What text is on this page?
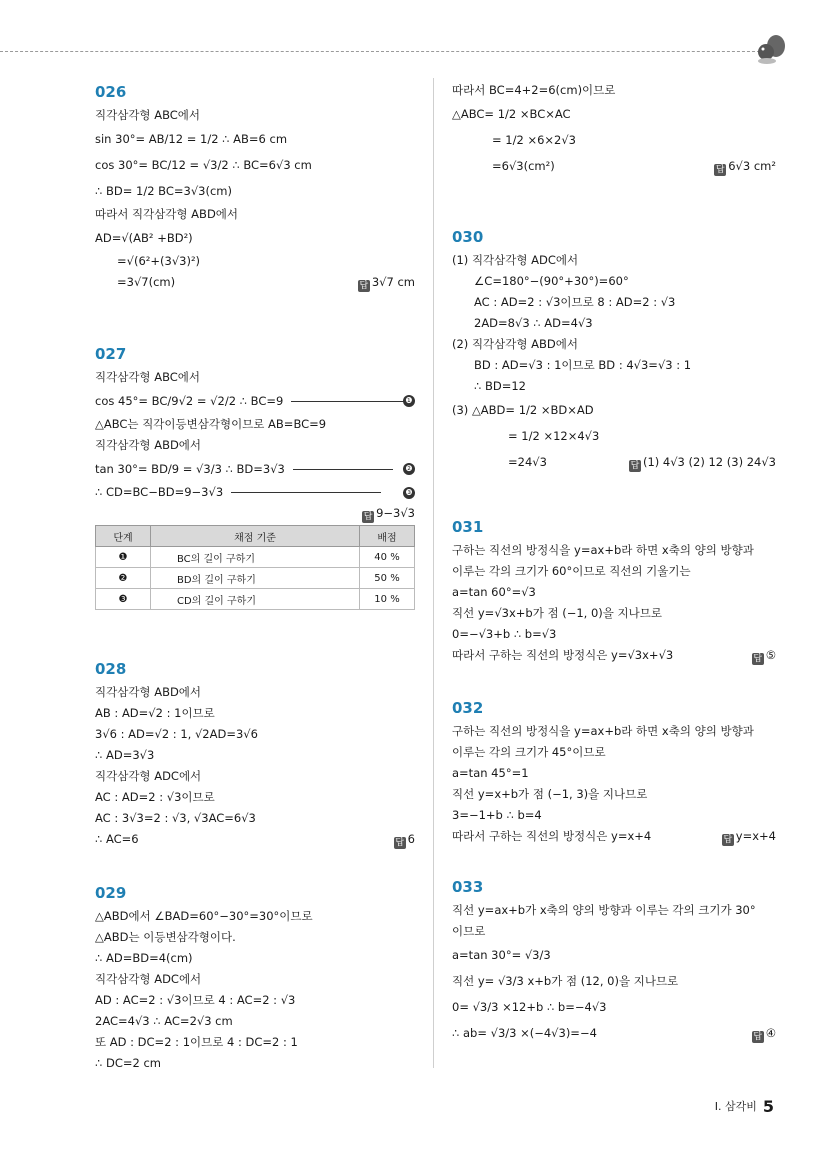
026
직각삼각형 ABC에서
sin 30°= AB/12 = 1/2 ∴ AB=6 cm
cos 30°= BC/12 = √3/2 ∴ BC=6√3 cm
∴ BD= 1/2 BC=3√3(cm)
따라서 직각삼각형 ABD에서
AD=√(AB² +BD²)
=√(6²+(3√3)²)
=3√7(cm)	답 3√7 cm
027
직각삼각형 ABC에서
cos 45°= BC/9√2 = √2/2 ∴ BC=9	❶
△ABC는 직각이등변삼각형이므로 AB=BC=9
직각삼각형 ABD에서
tan 30°= BD/9 = √3/3 ∴ BD=3√3	❷
∴ CD=BC−BD=9−3√3	❸
답 9−3√3
단계	채점 기준	배점
❶	BC의 길이 구하기	40 %
❷	BD의 길이 구하기	50 %
❸	CD의 길이 구하기	10 %
028
직각삼각형 ABD에서
AB : AD=√2 : 1이므로
3√6 : AD=√2 : 1, √2AD=3√6
∴ AD=3√3
직각삼각형 ADC에서
AC : AD=2 : √3이므로
AC : 3√3=2 : √3, √3AC=6√3
∴ AC=6	답 6
029
△ABD에서 ∠BAD=60°−30°=30°이므로
△ABD는 이등변삼각형이다.
∴ AD=BD=4(cm)
직각삼각형 ADC에서
AD : AC=2 : √3이므로 4 : AC=2 : √3
2AC=4√3 ∴ AC=2√3 cm
또 AD : DC=2 : 1이므로 4 : DC=2 : 1
∴ DC=2 cm
따라서 BC=4+2=6(cm)이므로
△ABC= 1/2 ×BC×AC
= 1/2 ×6×2√3
=6√3(cm²)	답 6√3 cm²
030
(1) 직각삼각형 ADC에서
∠C=180°−(90°+30°)=60°
AC : AD=2 : √3이므로 8 : AD=2 : √3
2AD=8√3 ∴ AD=4√3
(2) 직각삼각형 ABD에서
BD : AD=√3 : 1이므로 BD : 4√3=√3 : 1
∴ BD=12
(3) △ABD= 1/2 ×BD×AD
= 1/2 ×12×4√3
=24√3	답 (1) 4√3 (2) 12 (3) 24√3
031
구하는 직선의 방정식을 y=ax+b라 하면 x축의 양의 방향과
이루는 각의 크기가 60°이므로 직선의 기울기는
a=tan 60°=√3
직선 y=√3x+b가 점 (−1, 0)을 지나므로
0=−√3+b ∴ b=√3
따라서 구하는 직선의 방정식은 y=√3x+√3	답 ⑤
032
구하는 직선의 방정식을 y=ax+b라 하면 x축의 양의 방향과
이루는 각의 크기가 45°이므로
a=tan 45°=1
직선 y=x+b가 점 (−1, 3)을 지나므로
3=−1+b ∴ b=4
따라서 구하는 직선의 방정식은 y=x+4	답 y=x+4
033
직선 y=ax+b가 x축의 양의 방향과 이루는 각의 크기가 30°
이므로
a=tan 30°= √3/3
직선 y= √3/3 x+b가 점 (12, 0)을 지나므로
0= √3/3 ×12+b ∴ b=−4√3
∴ ab= √3/3 ×(−4√3)=−4	답 ④
Ⅰ. 삼각비 5
